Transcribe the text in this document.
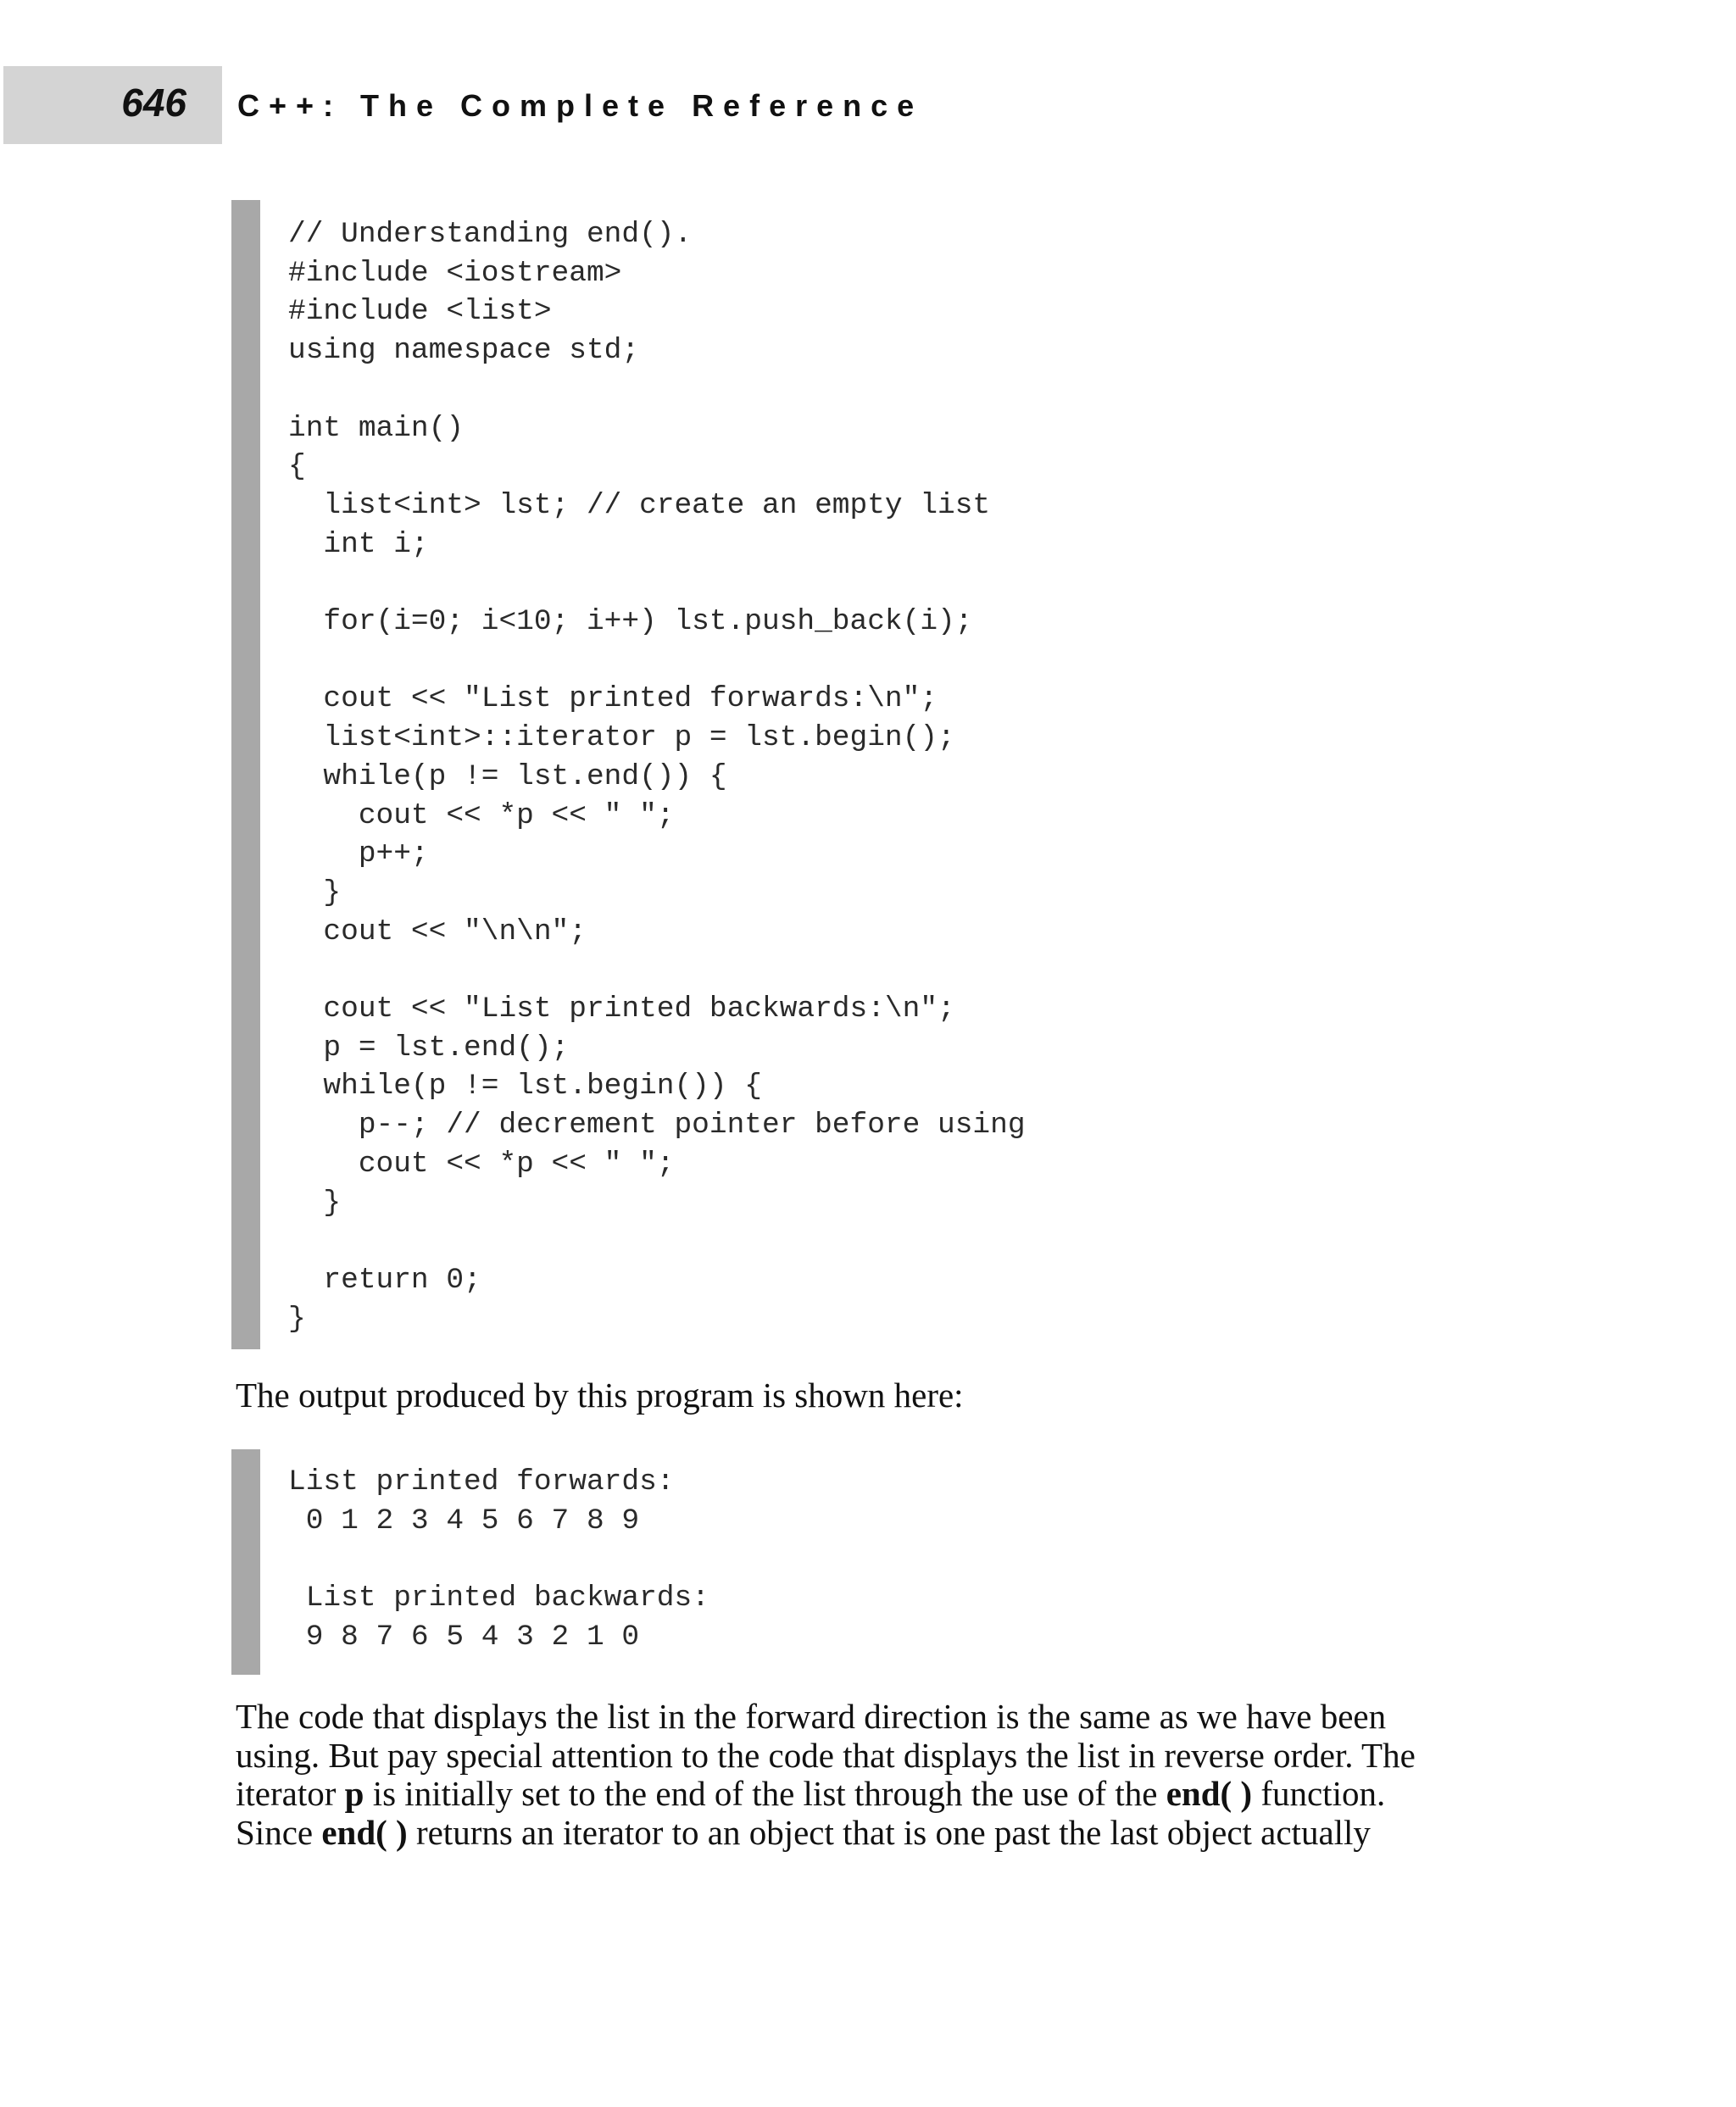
646 C++: The Complete Reference
// Understanding end().
#include <iostream>
#include <list>
using namespace std;

int main()
{
list<int> lst; // create an empty list
int i;

for(i=0; i<10; i++) lst.push_back(i);

cout << "List printed forwards:\n";
list<int>::iterator p = lst.begin();
while(p != lst.end()) {
cout << *p << " ";
p++;
}
cout << "\n\n";

cout << "List printed backwards:\n";
p = lst.end();
while(p != lst.begin()) {
p--; // decrement pointer before using
cout << *p << " ";
}

return 0;
}
The output produced by this program is shown here:
List printed forwards:
0 1 2 3 4 5 6 7 8 9

List printed backwards:
9 8 7 6 5 4 3 2 1 0
The code that displays the list in the forward direction is the same as we have been
using. But pay special attention to the code that displays the list in reverse order. The
iterator p is initially set to the end of the list through the use of the end( ) function.
Since end( ) returns an iterator to an object that is one past the last object actually
